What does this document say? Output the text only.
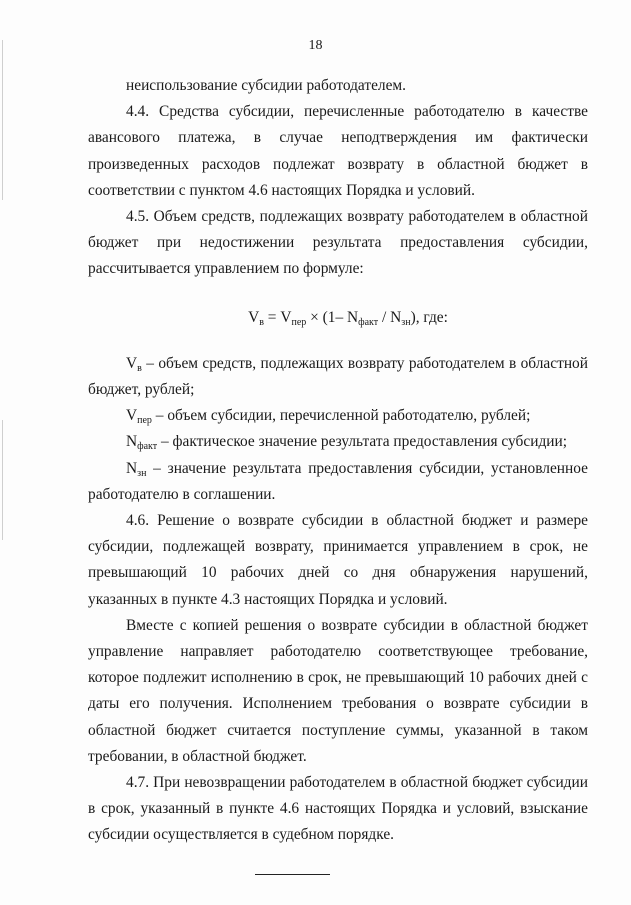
18

неиспользование субсидии работодателем.

4.4. Средства субсидии, перечисленные работодателю в качестве авансового платежа, в случае неподтверждения им фактически произведенных расходов подлежат возврату в областной бюджет в соответствии с пунктом 4.6 настоящих Порядка и условий.

4.5. Объем средств, подлежащих возврату работодателем в областной бюджет при недостижении результата предоставления субсидии, рассчитывается управлением по формуле:

$V_в = V_{пер} \times (1-$ $N_{факт} / N_{зн}$), где:

$V_в$ – объем средств, подлежащих возврату работодателем в областной бюджет, рублей;

$V_{пер}$ – объем субсидии, перечисленной работодателю, рублей;

$N_{факт}$ – фактическое значение результата предоставления субсидии;

$N_{зн}$ – значение результата предоставления субсидии, установленное работодателю в соглашении.

4.6. Решение о возврате субсидии в областной бюджет и размере субсидии, подлежащей возврату, принимается управлением в срок, не превышающий 10 рабочих дней со дня обнаружения нарушений, указанных в пункте 4.3 настоящих Порядка и условий.

Вместе с копией решения о возврате субсидии в областной бюджет управление направляет работодателю соответствующее требование, которое подлежит исполнению в срок, не превышающий 10 рабочих дней с даты его получения. Исполнением требования о возврате субсидии в областной бюджет считается поступление суммы, указанной в таком требовании, в областной бюджет.

4.7. При невозвращении работодателем в областной бюджет субсидии в срок, указанный в пункте 4.6 настоящих Порядка и условий, взыскание субсидии осуществляется в судебном порядке.
